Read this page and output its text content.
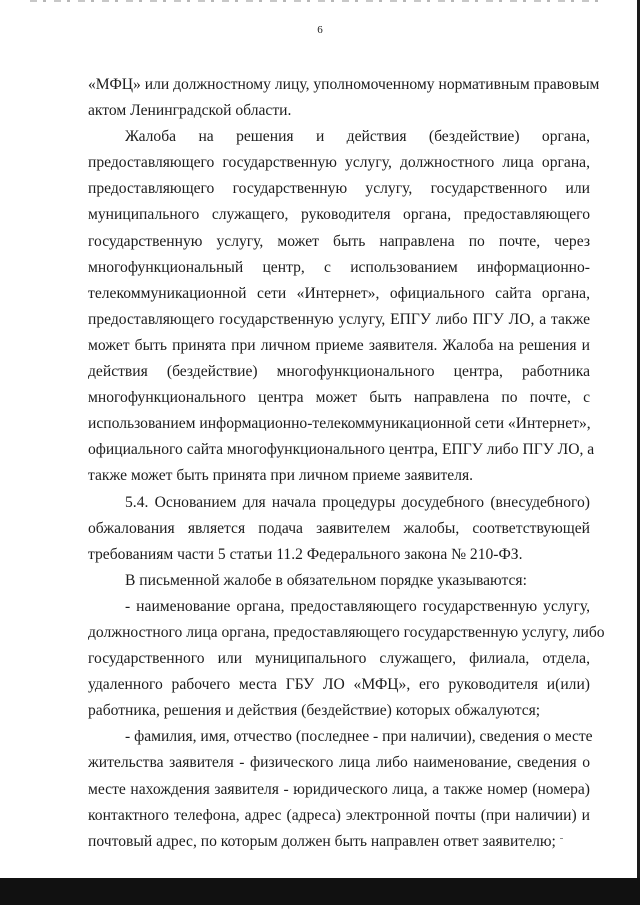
6
«МФЦ» или должностному лицу, уполномоченному нормативным правовым
актом Ленинградской области.
Жалоба на решения и действия (бездействие) органа,
предоставляющего государственную услугу, должностного лица органа,
предоставляющего государственную услугу, государственного или
муниципального служащего, руководителя органа, предоставляющего
государственную услугу, может быть направлена по почте, через
многофункциональный центр, с использованием информационно-
телекоммуникационной сети «Интернет», официального сайта органа,
предоставляющего государственную услугу, ЕПГУ либо ПГУ ЛО, а также
может быть принята при личном приеме заявителя. Жалоба на решения и
действия (бездействие) многофункционального центра, работника
многофункционального центра может быть направлена по почте, с
использованием информационно-телекоммуникационной сети «Интернет»,
официального сайта многофункционального центра, ЕПГУ либо ПГУ ЛО, а
также может быть принята при личном приеме заявителя.
5.4. Основанием для начала процедуры досудебного (внесудебного)
обжалования является подача заявителем жалобы, соответствующей
требованиям части 5 статьи 11.2 Федерального закона № 210-ФЗ.
В письменной жалобе в обязательном порядке указываются:
- наименование органа, предоставляющего государственную услугу,
должностного лица органа, предоставляющего государственную услугу, либо
государственного или муниципального служащего, филиала, отдела,
удаленного рабочего места ГБУ ЛО «МФЦ», его руководителя и(или)
работника, решения и действия (бездействие) которых обжалуются;
- фамилия, имя, отчество (последнее - при наличии), сведения о месте
жительства заявителя - физического лица либо наименование, сведения о
месте нахождения заявителя - юридического лица, а также номер (номера)
контактного телефона, адрес (адреса) электронной почты (при наличии) и
почтовый адрес, по которым должен быть направлен ответ заявителю;
